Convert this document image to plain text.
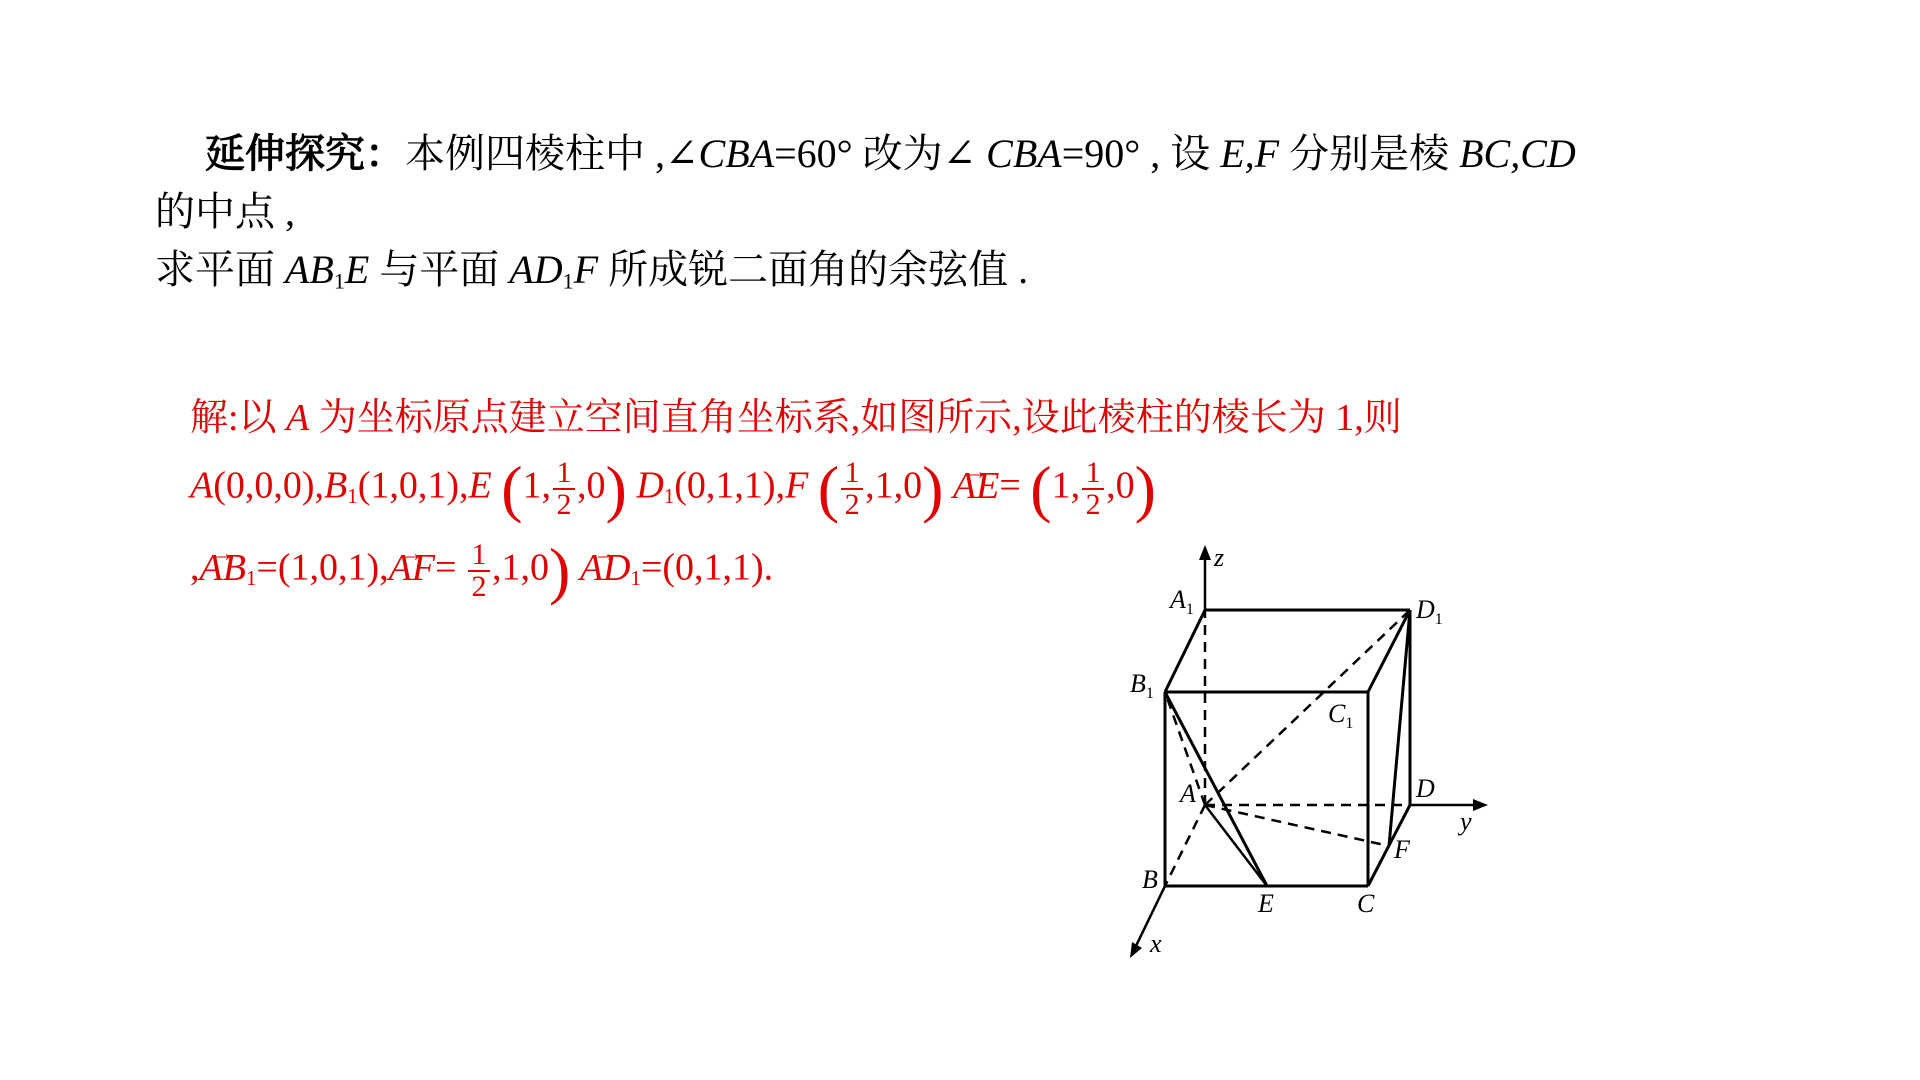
延伸探究：本例四棱柱中 ,∠CBA=60° 改为∠ CBA=90° , 设 E,F 分别是棱 BC,CD
的中点 ,
求平面 $AB_1E$ 与平面 $AD_1F$ 所成锐二面角的余弦值 .
解:以 A 为坐标原点建立空间直角坐标系,如图所示,设此棱柱的棱长为 1,则
$A(0,0,0),B_1(1,0,1),E$ (1, $\frac{1}{2} ,0$) $D_1(0,1,1),F$ ( $\frac{1}{2} ,1,0) \to AE= (1$, $\frac{1}{2} ,0$)
,→ $AB_1=(1,0,1),\to AF= \frac{1}{2} ,1,0) \to AD_1=(0,1,1)$.
$A_1$	$D_1$
$B_1$
$C_1$
A	D
B
C
E
F
z
y
x
